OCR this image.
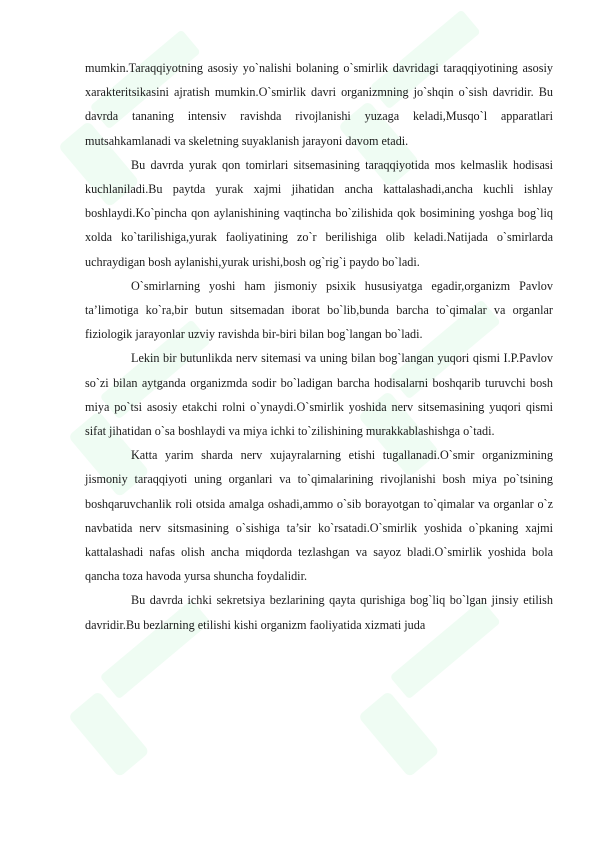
mumkin.Taraqqiyotning asosiy yo`nalishi bolaning o`smirlik davridagi taraqqiyotining asosiy xarakteritsikasini ajratish mumkin.O`smirlik davri organizmning jo`shqin o`sish davridir. Bu davrda tananing intensiv ravishda rivojlanishi yuzaga keladi,Musqo`l apparatlari mutsahkamlanadi va skeletning suyaklanish jarayoni davom etadi.

Bu davrda yurak qon tomirlari sitsemasining taraqqiyotida mos kelmaslik hodisasi kuchlaniladi.Bu paytda yurak xajmi jihatidan ancha kattalashadi,ancha kuchli ishlay boshlaydi.Ko`pincha qon aylanishining vaqtincha bo`zilishida qok bosimining yoshga bog`liq xolda ko`tarilishiga,yurak faoliyatining zo`r berilishiga olib keladi.Natijada o`smirlarda uchraydigan bosh aylanishi,yurak urishi,bosh og`rig`i paydo bo`ladi.

O`smirlarning yoshi ham jismoniy psixik hususiyatga egadir,organizm Pavlov ta’limotiga ko`ra,bir butun sitsemadan iborat bo`lib,bunda barcha to`qimalar va organlar fiziologik jarayonlar uzviy ravishda bir-biri bilan bog`langan bo`ladi.

Lekin bir butunlikda nerv sitemasi va uning bilan bog`langan yuqori qismi I.P.Pavlov so`zi bilan aytganda organizmda sodir bo`ladigan barcha hodisalarni boshqarib turuvchi bosh miya po`tsi asosiy etakchi rolni o`ynaydi.O`smirlik yoshida nerv sitsemasining yuqori qismi sifat jihatidan o`sa boshlaydi va miya ichki to`zilishining murakkablashishga o`tadi.

Katta yarim sharda nerv xujayralarning etishi tugallanadi.O`smir organizmining jismoniy taraqqiyoti uning organlari va to`qimalarining rivojlanishi bosh miya po`tsining boshqaruvchanlik roli otsida amalga oshadi,ammo o`sib borayotgan to`qimalar va organlar o`z navbatida nerv sitsmasining o`sishiga ta’sir ko`rsatadi.O`smirlik yoshida o`pkaning xajmi kattalashadi nafas olish ancha miqdorda tezlashgan va sayoz bladi.O`smirlik yoshida bola qancha toza havoda yursa shuncha foydalidir.

Bu davrda ichki sekretsiya bezlarining qayta qurishiga bog`liq bo`lgan jinsiy etilish davridir.Bu bezlarning etilishi kishi organizm faoliyatida xizmati juda
